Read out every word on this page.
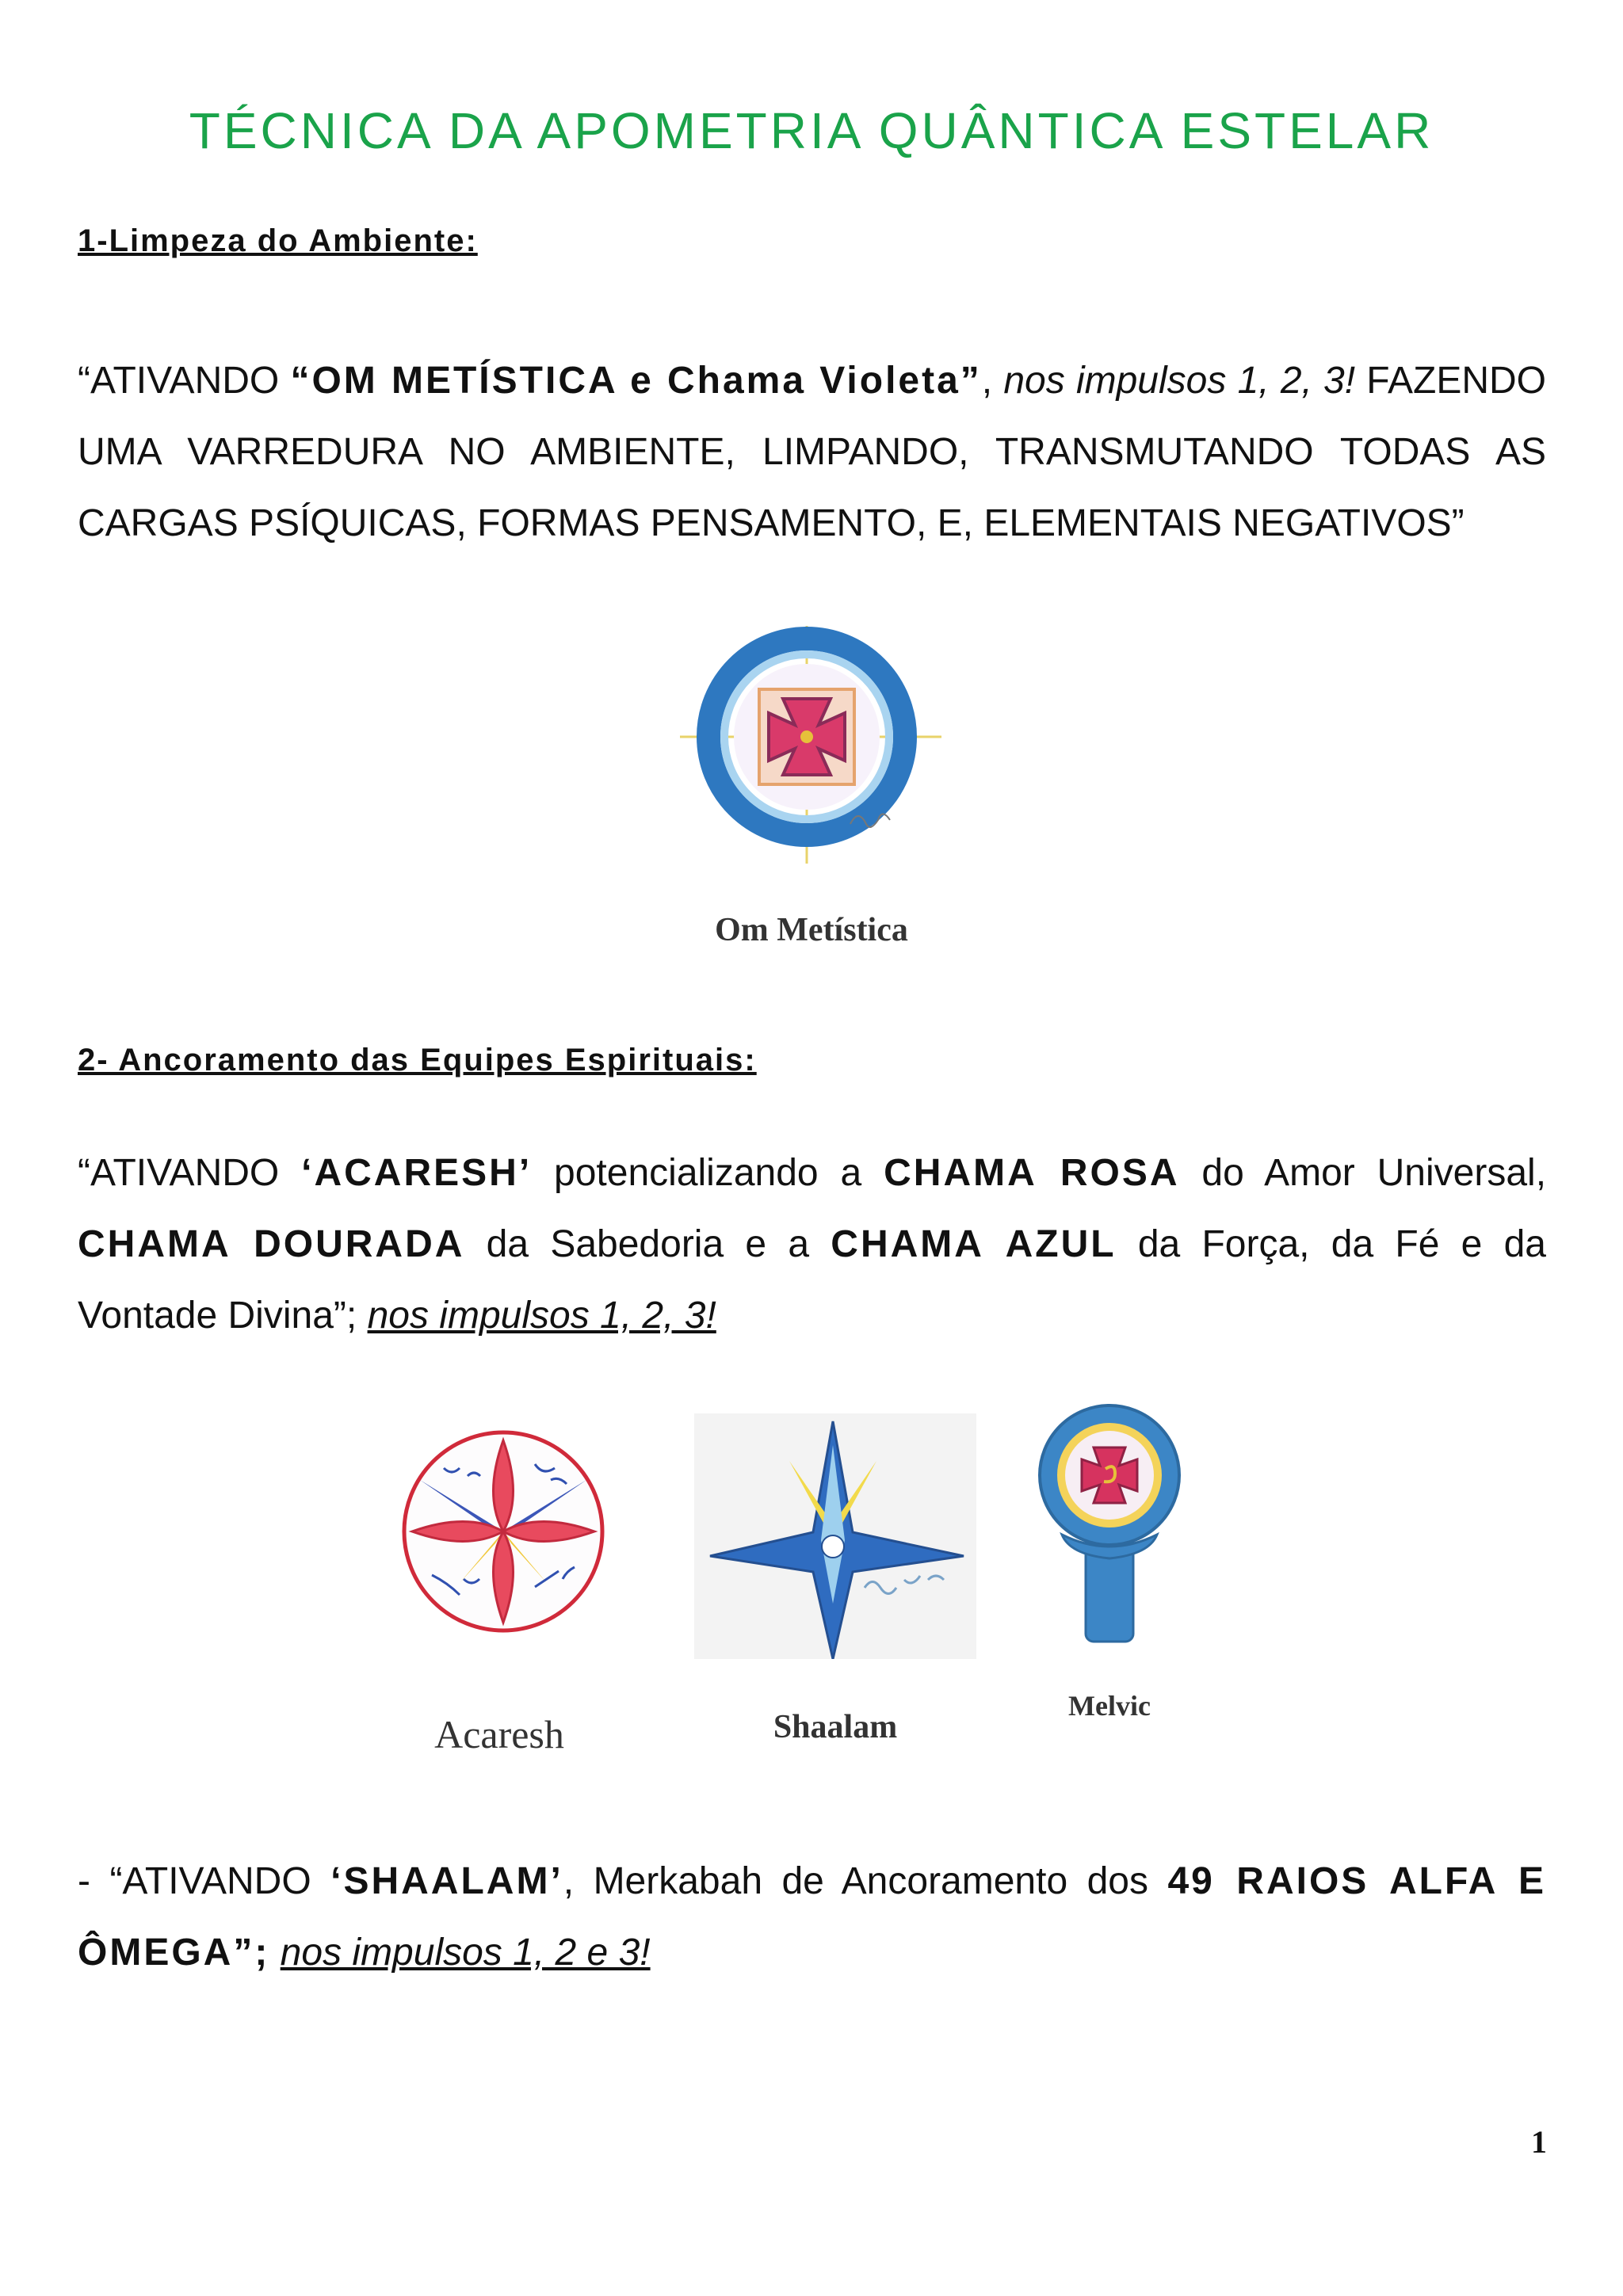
TÉCNICA DA APOMETRIA QUÂNTICA ESTELAR

1-Limpeza do Ambiente:

“ATIVANDO “OM METÍSTICA e Chama Violeta”, nos impulsos 1, 2, 3! FAZENDO UMA VARREDURA NO AMBIENTE, LIMPANDO, TRANSMUTANDO TODAS AS CARGAS PSÍQUICAS, FORMAS PENSAMENTO, E, ELEMENTAIS NEGATIVOS”

Om Metística

2- Ancoramento das Equipes Espirituais:

“ATIVANDO ‘ACARESH’ potencializando a CHAMA ROSA do Amor Universal, CHAMA DOURADA da Sabedoria e a CHAMA AZUL da Força, da Fé e da Vontade Divina”; nos impulsos 1, 2, 3!

Acaresh	Shaalam

Melvic

- “ATIVANDO ‘SHAALAM’, Merkabah de Ancoramento dos 49 RAIOS ALFA E ÔMEGA”; nos impulsos 1, 2 e 3!

1
